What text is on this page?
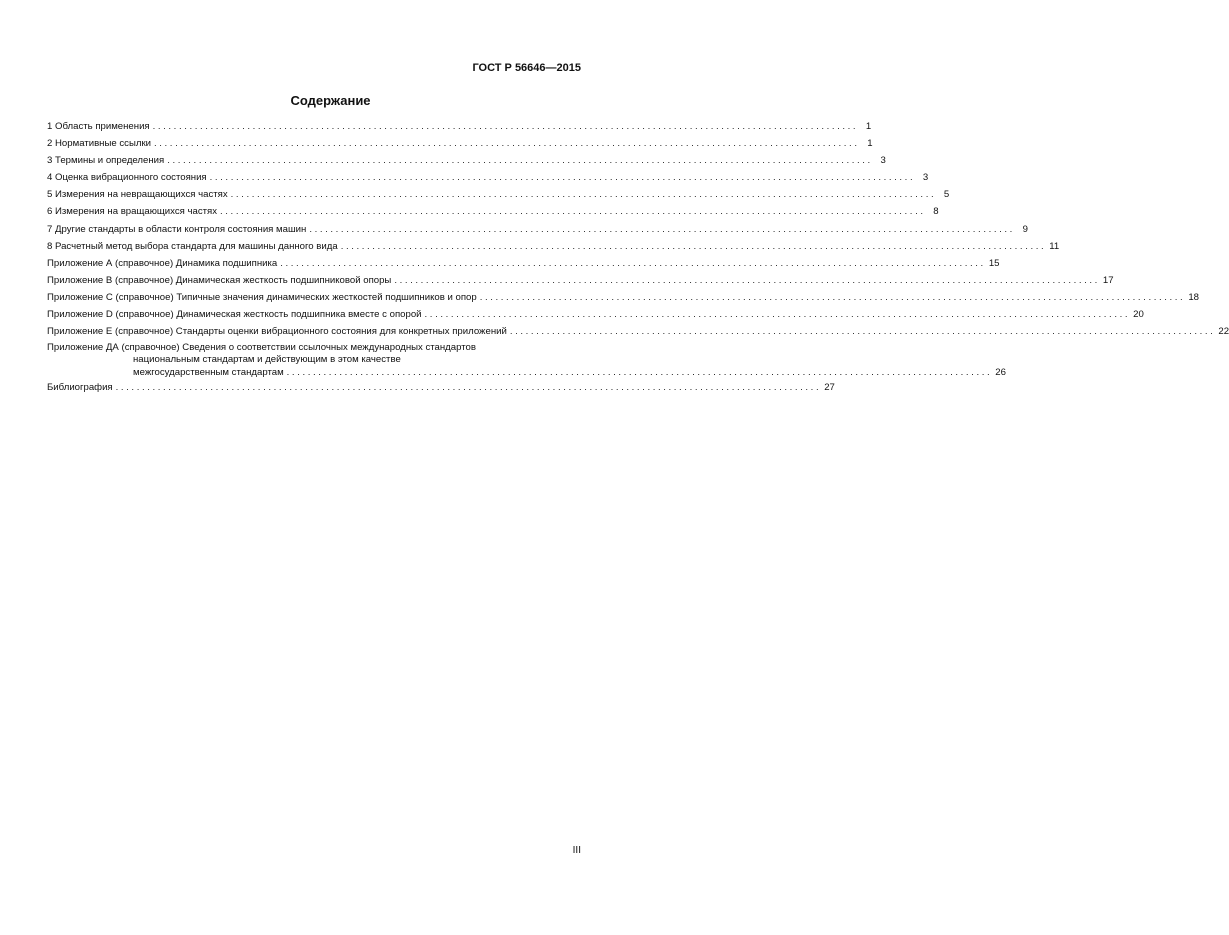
ГОСТ Р 56646—2015
Содержание
1 Область применения ...................................................................................................................................... 1
2 Нормативные ссылки ...................................................................................................................................... 1
3 Термины и определения ...................................................................................................................................... 3
4 Оценка вибрационного состояния ...................................................................................................................................... 3
5 Измерения на невращающихся частях ...................................................................................................................................... 5
6 Измерения на вращающихся частях ...................................................................................................................................... 8
7 Другие стандарты в области контроля состояния машин ...................................................................................................................................... 9
8 Расчетный метод выбора стандарта для машины данного вида ...................................................................................................................................... 11
Приложение А (справочное) Динамика подшипника ...................................................................................................................................... 15
Приложение В (справочное) Динамическая жесткость подшипниковой опоры ...................................................................................................................................... 17
Приложение С (справочное) Типичные значения динамических жесткостей подшипников и опор ...................................................................................................................................... 18
Приложение D (справочное) Динамическая жесткость подшипника вместе с опорой ...................................................................................................................................... 20
Приложение Е (справочное) Стандарты оценки вибрационного состояния для конкретных приложений ...................................................................................................................................... 22
Приложение ДА (справочное) Сведения о соответствии ссылочных международных стандартов
национальным стандартам и действующим в этом качестве
межгосударственным стандартам ...................................................................................................................................... 26
Библиография ...................................................................................................................................... 27
III
